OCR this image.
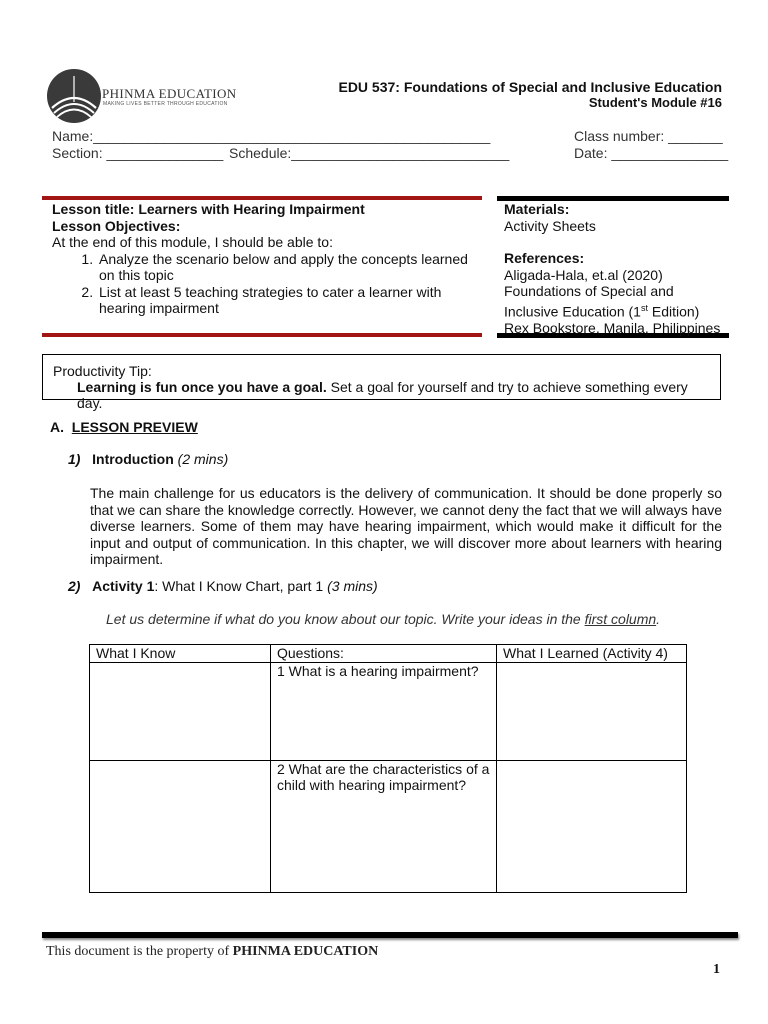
PHINMA EDUCATION
MAKING LIVES BETTER THROUGH EDUCATION
EDU 537: Foundations of Special and Inclusive Education
Student's Module #16
Name:___________________________________________________	Class number: _______
Section: _______________ Schedule:____________________________	Date: _______________
Lesson title: Learners with Hearing Impairment
Lesson Objectives:
At the end of this module, I should be able to:
1. Analyze the scenario below and apply the concepts learned on this topic
2. List at least 5 teaching strategies to cater a learner with hearing impairment
Materials:
Activity Sheets
References:
Aligada-Hala, et.al (2020)
Foundations of Special and
Inclusive Education (1st Edition)
Rex Bookstore, Manila, Philippines
Productivity Tip:
Learning is fun once you have a goal. Set a goal for yourself and try to achieve something every day.
A. LESSON PREVIEW
1) Introduction (2 mins)
The main challenge for us educators is the delivery of communication. It should be done properly so that we can share the knowledge correctly. However, we cannot deny the fact that we will always have diverse learners. Some of them may have hearing impairment, which would make it difficult for the input and output of communication. In this chapter, we will discover more about learners with hearing impairment.
2) Activity 1: What I Know Chart, part 1 (3 mins)
Let us determine if what do you know about our topic. Write your ideas in the first column.
What I Know	Questions:	What I Learned (Activity 4)
	1 What is a hearing impairment?	
	2 What are the characteristics of a child with hearing impairment?	
This document is the property of PHINMA EDUCATION
1
